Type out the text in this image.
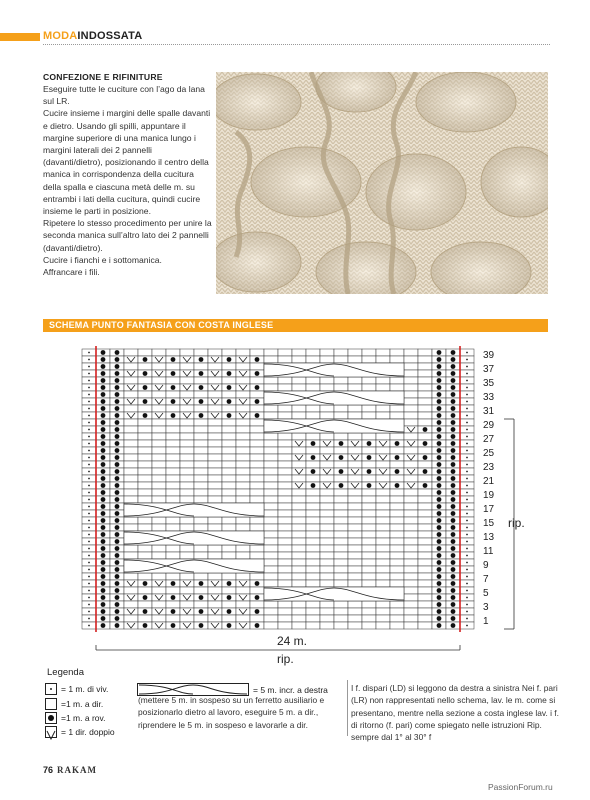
MODAINDOSSATA
CONFEZIONE E RIFINITURE

Eseguire tutte le cuciture con l’ago da lana sul LR.

Cucire insieme i margini delle spalle davanti e dietro. Usando gli spilli, appuntare il margine superiore di una manica lungo i margini laterali dei 2 pannelli (davanti/dietro), posizionando il centro della manica in corrispondenza della cucitura della spalla e ciascuna metà delle m. su entrambi i lati della cucitura, quindi cucire insieme le parti in posizione.

Ripetere lo stesso procedimento per unire la seconda manica sull’altro lato dei 2 pannelli (davanti/dietro).

Cucire i fianchi e i sottomanica.

Affrancare i fili.

SCHEMA PUNTO FANTASIA CON COSTA INGLESE
39
37
35
33
31
29
27
25
23
21
19
17
15
13
11
9
7
5
3
1
rip.
24 m.
rip.
Legenda
= 1 m. di viv.
=1 m. a dir.
=1 m. a rov.
= 1 dir. doppio
= 5 m. incr. a destra
(mettere 5 m. in sospeso su un ferretto ausiliario e posizionarlo dietro al lavoro, eseguire 5 m. a dir., riprendere le 5 m. in sospeso e lavorarle a dir.
I f. dispari (LD) si leggono da destra a sinistra Nei f. pari (LR) non rappresentati nello schema, lav. le m. come si presentano, mentre nella sezione a costa inglese lav. i f. di ritorno (f. pari) come spiegato nelle istruzioni Rip. sempre dal 1° al 30° f
76 RAKAM
PassionForum.ru
